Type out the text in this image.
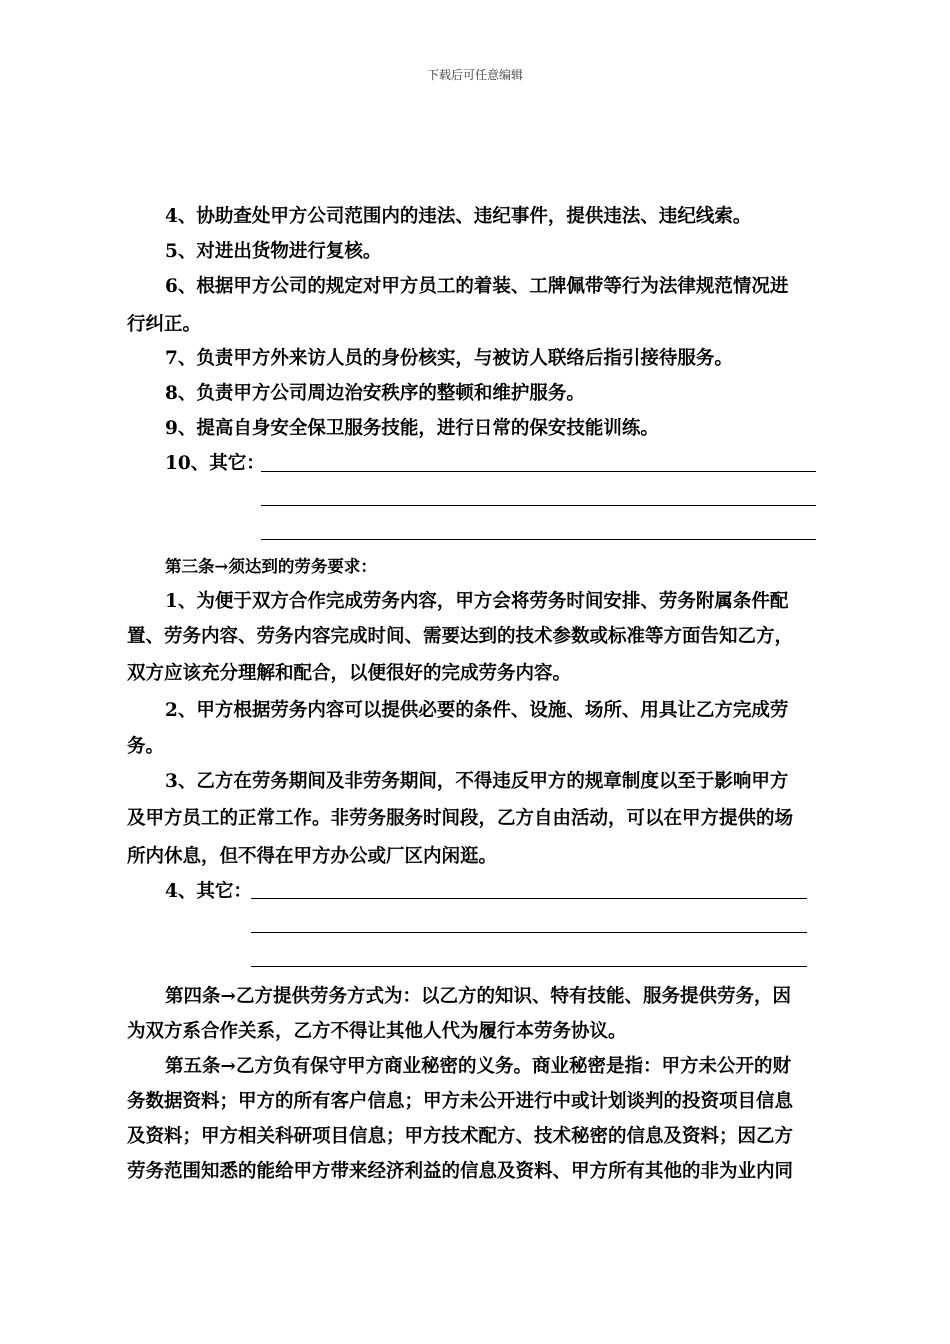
下载后可任意编辑
4、协助查处甲方公司范围内的违法、违纪事件，提供违法、违纪线索。
5、对进出货物进行复核。
6、根据甲方公司的规定对甲方员工的着装、工牌佩带等行为法律规范情况进
行纠正。
7、负责甲方外来访人员的身份核实，与被访人联络后指引接待服务。
8、负责甲方公司周边治安秩序的整顿和维护服务。
9、提高自身安全保卫服务技能，进行日常的保安技能训练。
10、其它：
第三条→须达到的劳务要求：
1、为便于双方合作完成劳务内容，甲方会将劳务时间安排、劳务附属条件配
置、劳务内容、劳务内容完成时间、需要达到的技术参数或标准等方面告知乙方，
双方应该充分理解和配合，以便很好的完成劳务内容。
2、甲方根据劳务内容可以提供必要的条件、设施、场所、用具让乙方完成劳
务。
3、乙方在劳务期间及非劳务期间，不得违反甲方的规章制度以至于影响甲方
及甲方员工的正常工作。非劳务服务时间段，乙方自由活动，可以在甲方提供的场
所内休息，但不得在甲方办公或厂区内闲逛。
4、其它：
第四条→乙方提供劳务方式为：以乙方的知识、特有技能、服务提供劳务，因
为双方系合作关系，乙方不得让其他人代为履行本劳务协议。
第五条→乙方负有保守甲方商业秘密的义务。商业秘密是指：甲方未公开的财
务数据资料；甲方的所有客户信息；甲方未公开进行中或计划谈判的投资项目信息
及资料；甲方相关科研项目信息；甲方技术配方、技术秘密的信息及资料；因乙方
劳务范围知悉的能给甲方带来经济利益的信息及资料、甲方所有其他的非为业内同
